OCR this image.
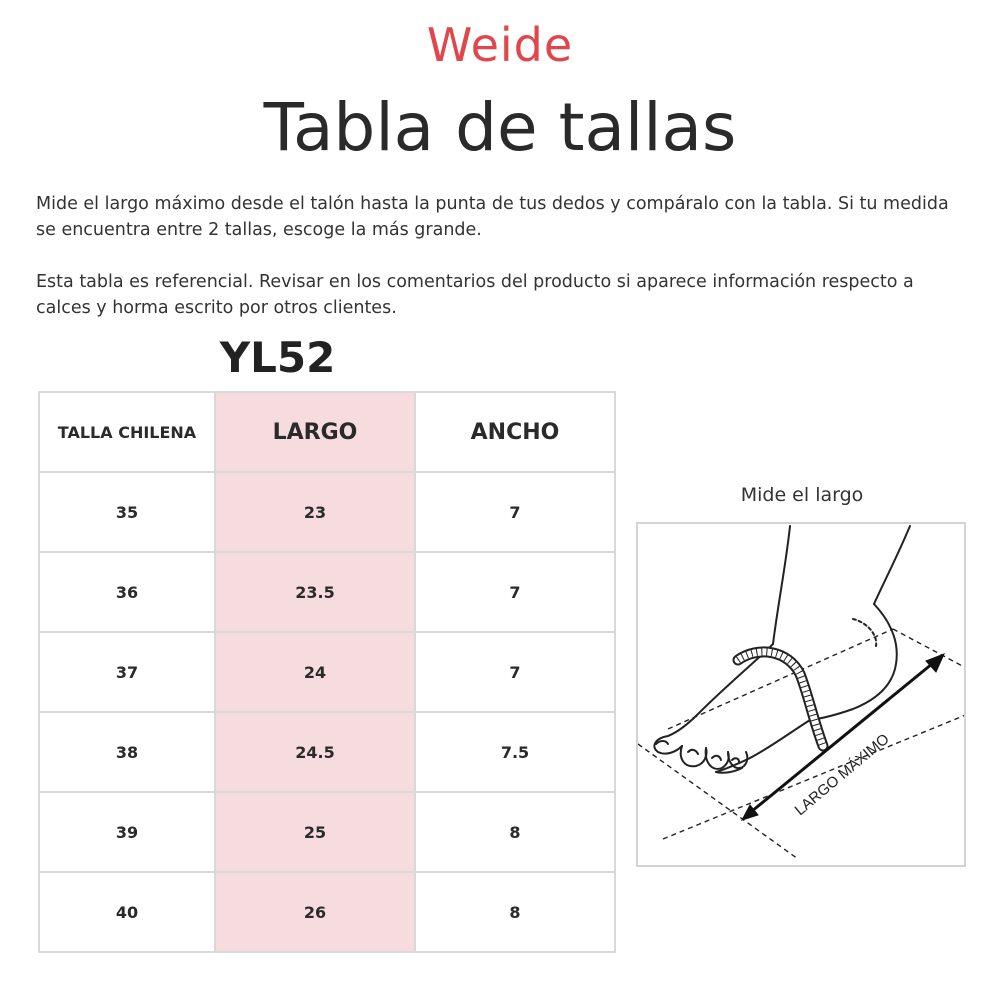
Weide
Tabla de tallas
Mide el largo máximo desde el talón hasta la punta de tus dedos y compáralo con la tabla. Si tu medida se encuentra entre 2 tallas, escoge la más grande.
Esta tabla es referencial. Revisar en los comentarios del producto si aparece información respecto a calces y horma escrito por otros clientes.
YL52
TALLA CHILENA	LARGO	ANCHO
35	23	7
36	23.5	7
37	24	7
38	24.5	7.5
39	25	8
40	26	8
Mide el largo
LARGO MÁXIMO
